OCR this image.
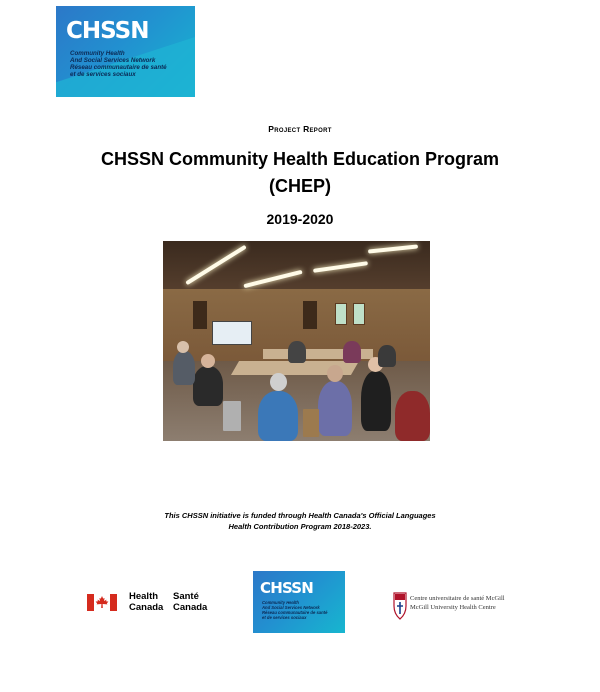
CHSSN
Community Health
And Social Services Network
Réseau communautaire de santé
et de services sociaux
Project Report
CHSSN Community Health Education Program
(CHEP)
2019-2020
This CHSSN initiative is funded through Health Canada's Official Languages
Health Contribution Program 2018-2023.
Health
Canada
Santé
Canada
CHSSN
Community Health
And Social Services Network
Réseau communautaire de santé
et de services sociaux
Centre universitaire de santé McGill
McGill University Health Centre
